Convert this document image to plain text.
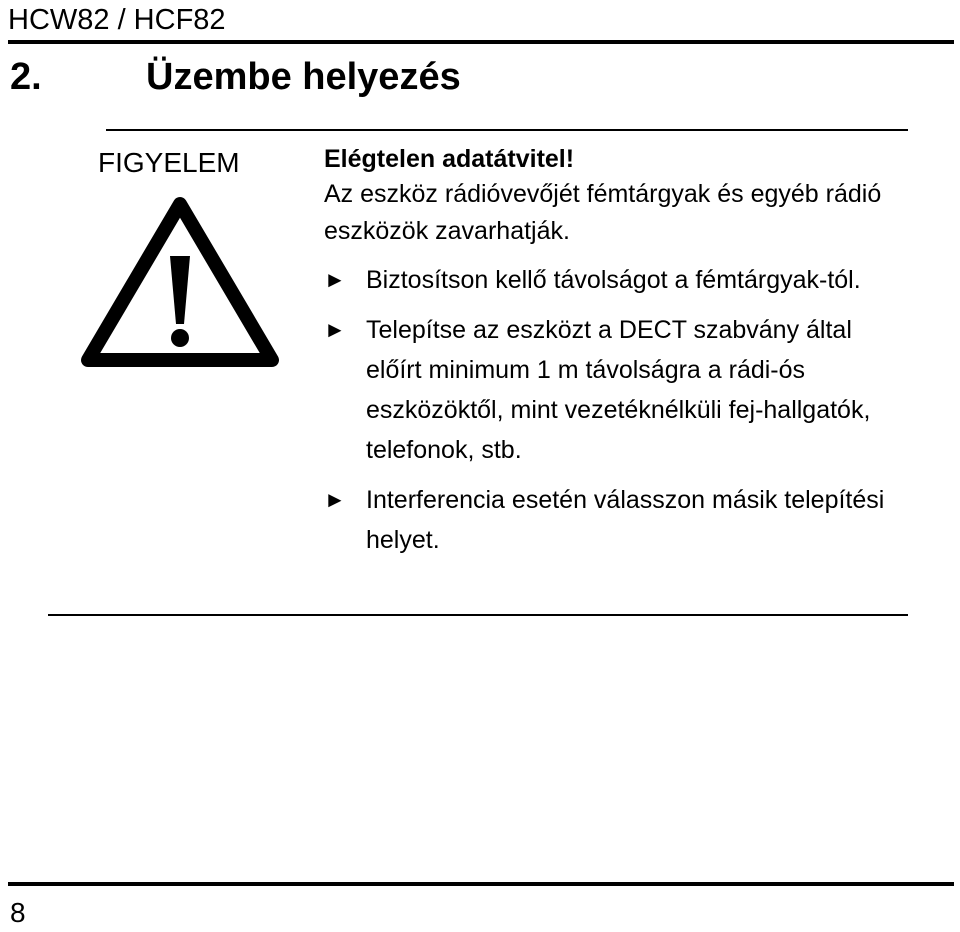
HCW82 / HCF82
2.	Üzembe helyezés
FIGYELEM	Elégtelen adatátvitel!

Az eszköz rádióvevőjét fémtárgyak és egyéb rádió eszközök zavarhatják.

► Biztosítson kellő távolságot a fémtárgyak-tól.
► Telepítse az eszközt a DECT szabvány által előírt minimum 1 m távolságra a rádi-ós eszközöktől, mint vezetéknélküli fej-hallgatók, telefonok, stb.
► Interferencia esetén válasszon másik telepítési helyet.
8
